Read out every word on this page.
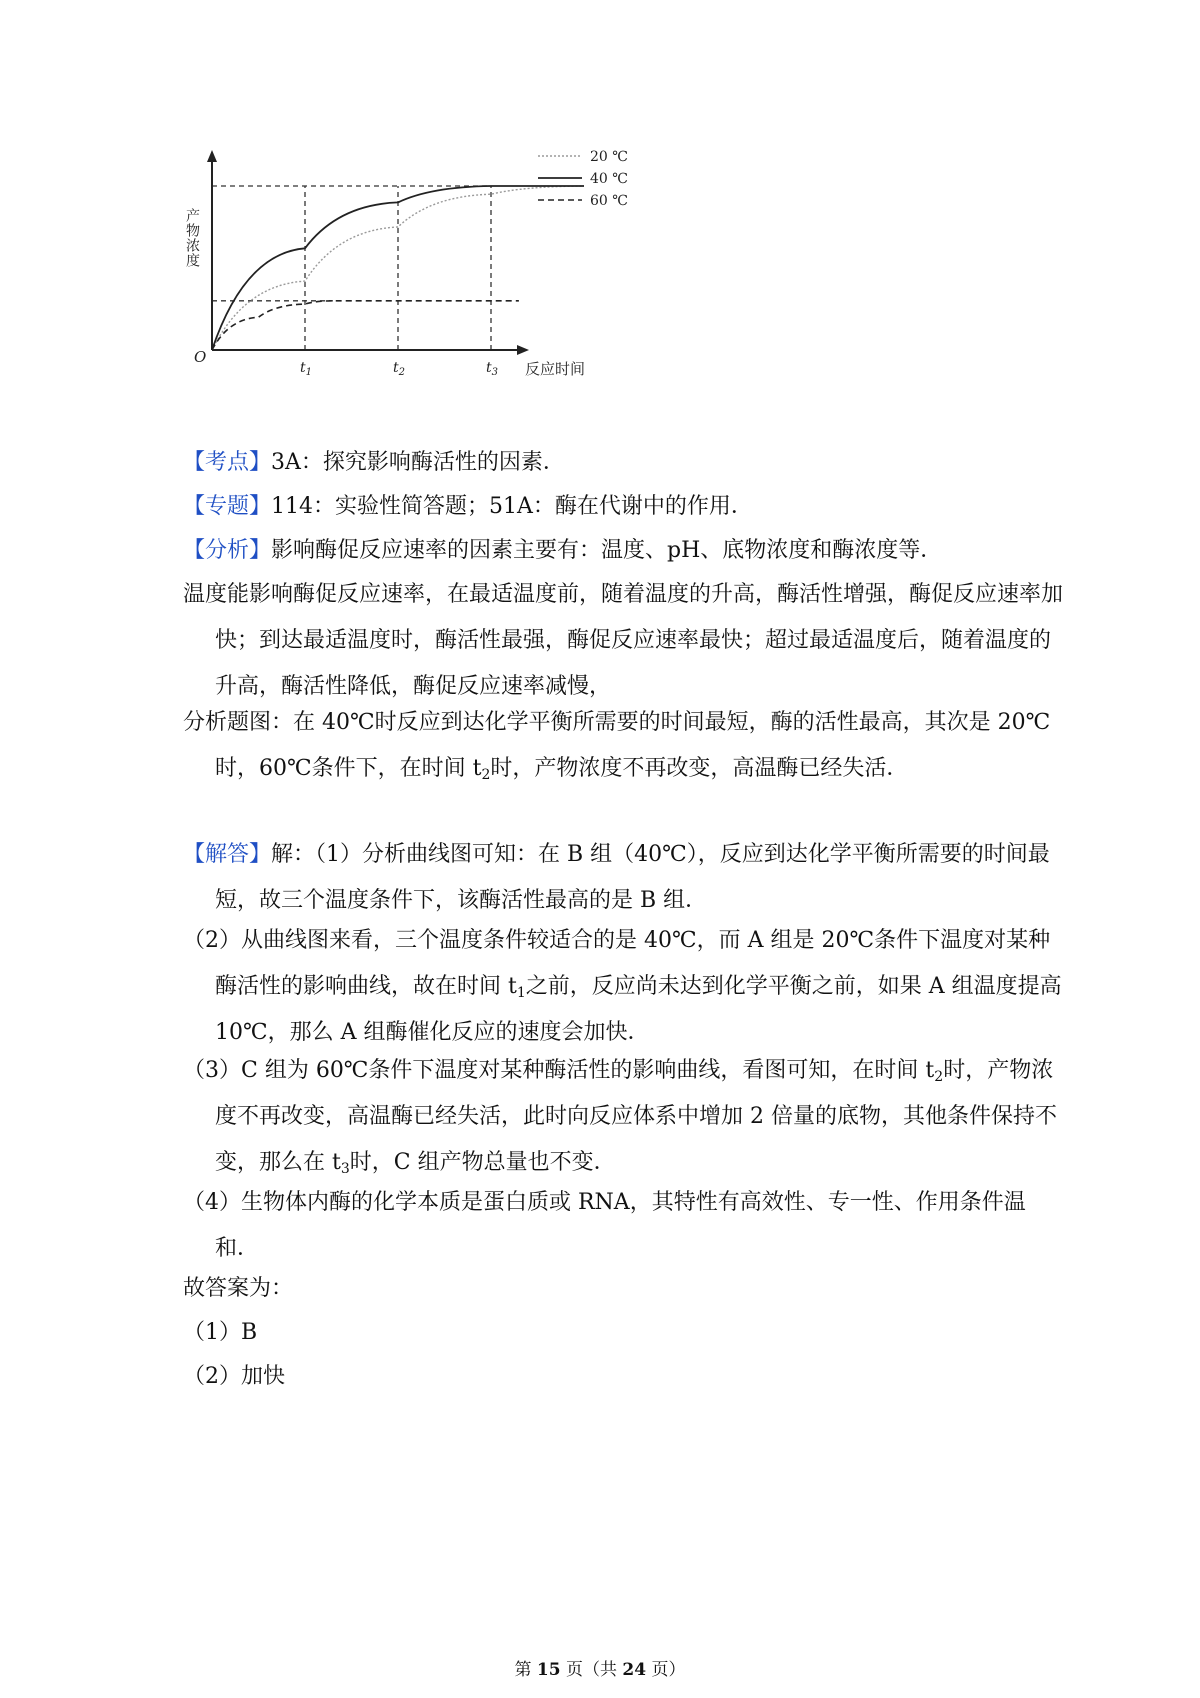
20 ℃
40 ℃
60 ℃
产物浓度
反应时间
O
$t_1$	$t_2$	$t_3$
【考点】3A：探究影响酶活性的因素．
【专题】114：实验性简答题；51A：酶在代谢中的作用．
【分析】影响酶促反应速率的因素主要有：温度、pH、底物浓度和酶浓度等．
温度能影响酶促反应速率，在最适温度前，随着温度的升高，酶活性增强，酶促反应速率加快；到达最适温度时，酶活性最强，酶促反应速率最快；超过最适温度后，随着温度的升高，酶活性降低，酶促反应速率减慢，
分析题图：在 40℃时反应到达化学平衡所需要的时间最短，酶的活性最高，其次是 20℃时，60℃条件下，在时间 $t_2$时，产物浓度不再改变，高温酶已经失活．
【解答】解：（1）分析曲线图可知：在 B 组（40℃），反应到达化学平衡所需要的时间最短，故三个温度条件下，该酶活性最高的是 B 组．
（2）从曲线图来看，三个温度条件较适合的是 40℃，而 A 组是 20℃条件下温度对某种酶活性的影响曲线，故在时间 $t_1$之前，反应尚未达到化学平衡之前，如果 A 组温度提高 10℃，那么 A 组酶催化反应的速度会加快．
（3）C 组为 60℃条件下温度对某种酶活性的影响曲线，看图可知，在时间 $t_2$时，产物浓度不再改变，高温酶已经失活，此时向反应体系中增加 2 倍量的底物，其他条件保持不变，那么在 $t_3$时，C 组产物总量也不变．
（4）生物体内酶的化学本质是蛋白质或 RNA，其特性有高效性、专一性、作用条件温和．
故答案为：
（1）B
（2）加快
第 15 页（共 24 页）
